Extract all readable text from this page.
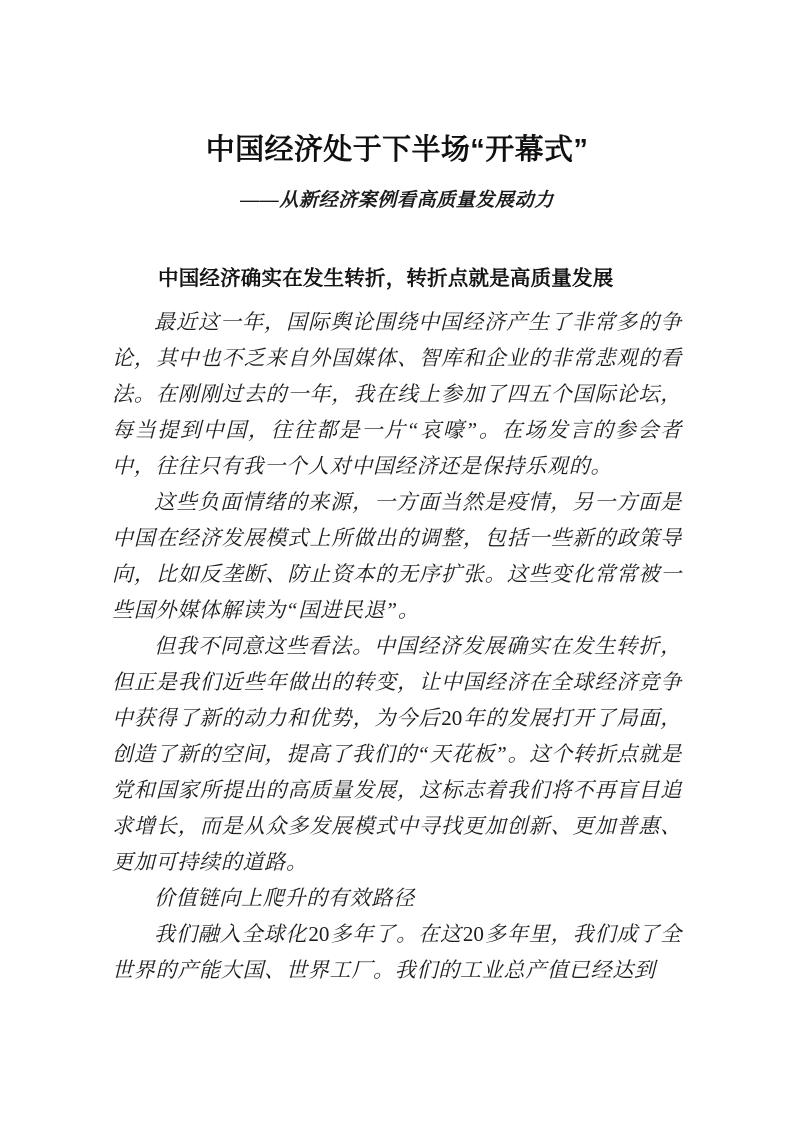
中国经济处于下半场“开幕式”

——从新经济案例看高质量发展动力

中国经济确实在发生转折，转折点就是高质量发展

最近这一年，国际舆论围绕中国经济产生了非常多的争论，其中也不乏来自外国媒体、智库和企业的非常悲观的看法。在刚刚过去的一年，我在线上参加了四五个国际论坛，每当提到中国，往往都是一片“哀嚎”。在场发言的参会者中，往往只有我一个人对中国经济还是保持乐观的。

这些负面情绪的来源，一方面当然是疫情，另一方面是中国在经济发展模式上所做出的调整，包括一些新的政策导向，比如反垄断、防止资本的无序扩张。这些变化常常被一些国外媒体解读为“国进民退”。

但我不同意这些看法。中国经济发展确实在发生转折，但正是我们近些年做出的转变，让中国经济在全球经济竞争中获得了新的动力和优势，为今后20年的发展打开了局面，创造了新的空间，提高了我们的“天花板”。这个转折点就是党和国家所提出的高质量发展，这标志着我们将不再盲目追求增长，而是从众多发展模式中寻找更加创新、更加普惠、更加可持续的道路。

价值链向上爬升的有效路径

我们融入全球化20多年了。在这20多年里，我们成了全世界的产能大国、世界工厂。我们的工业总产值已经达到
